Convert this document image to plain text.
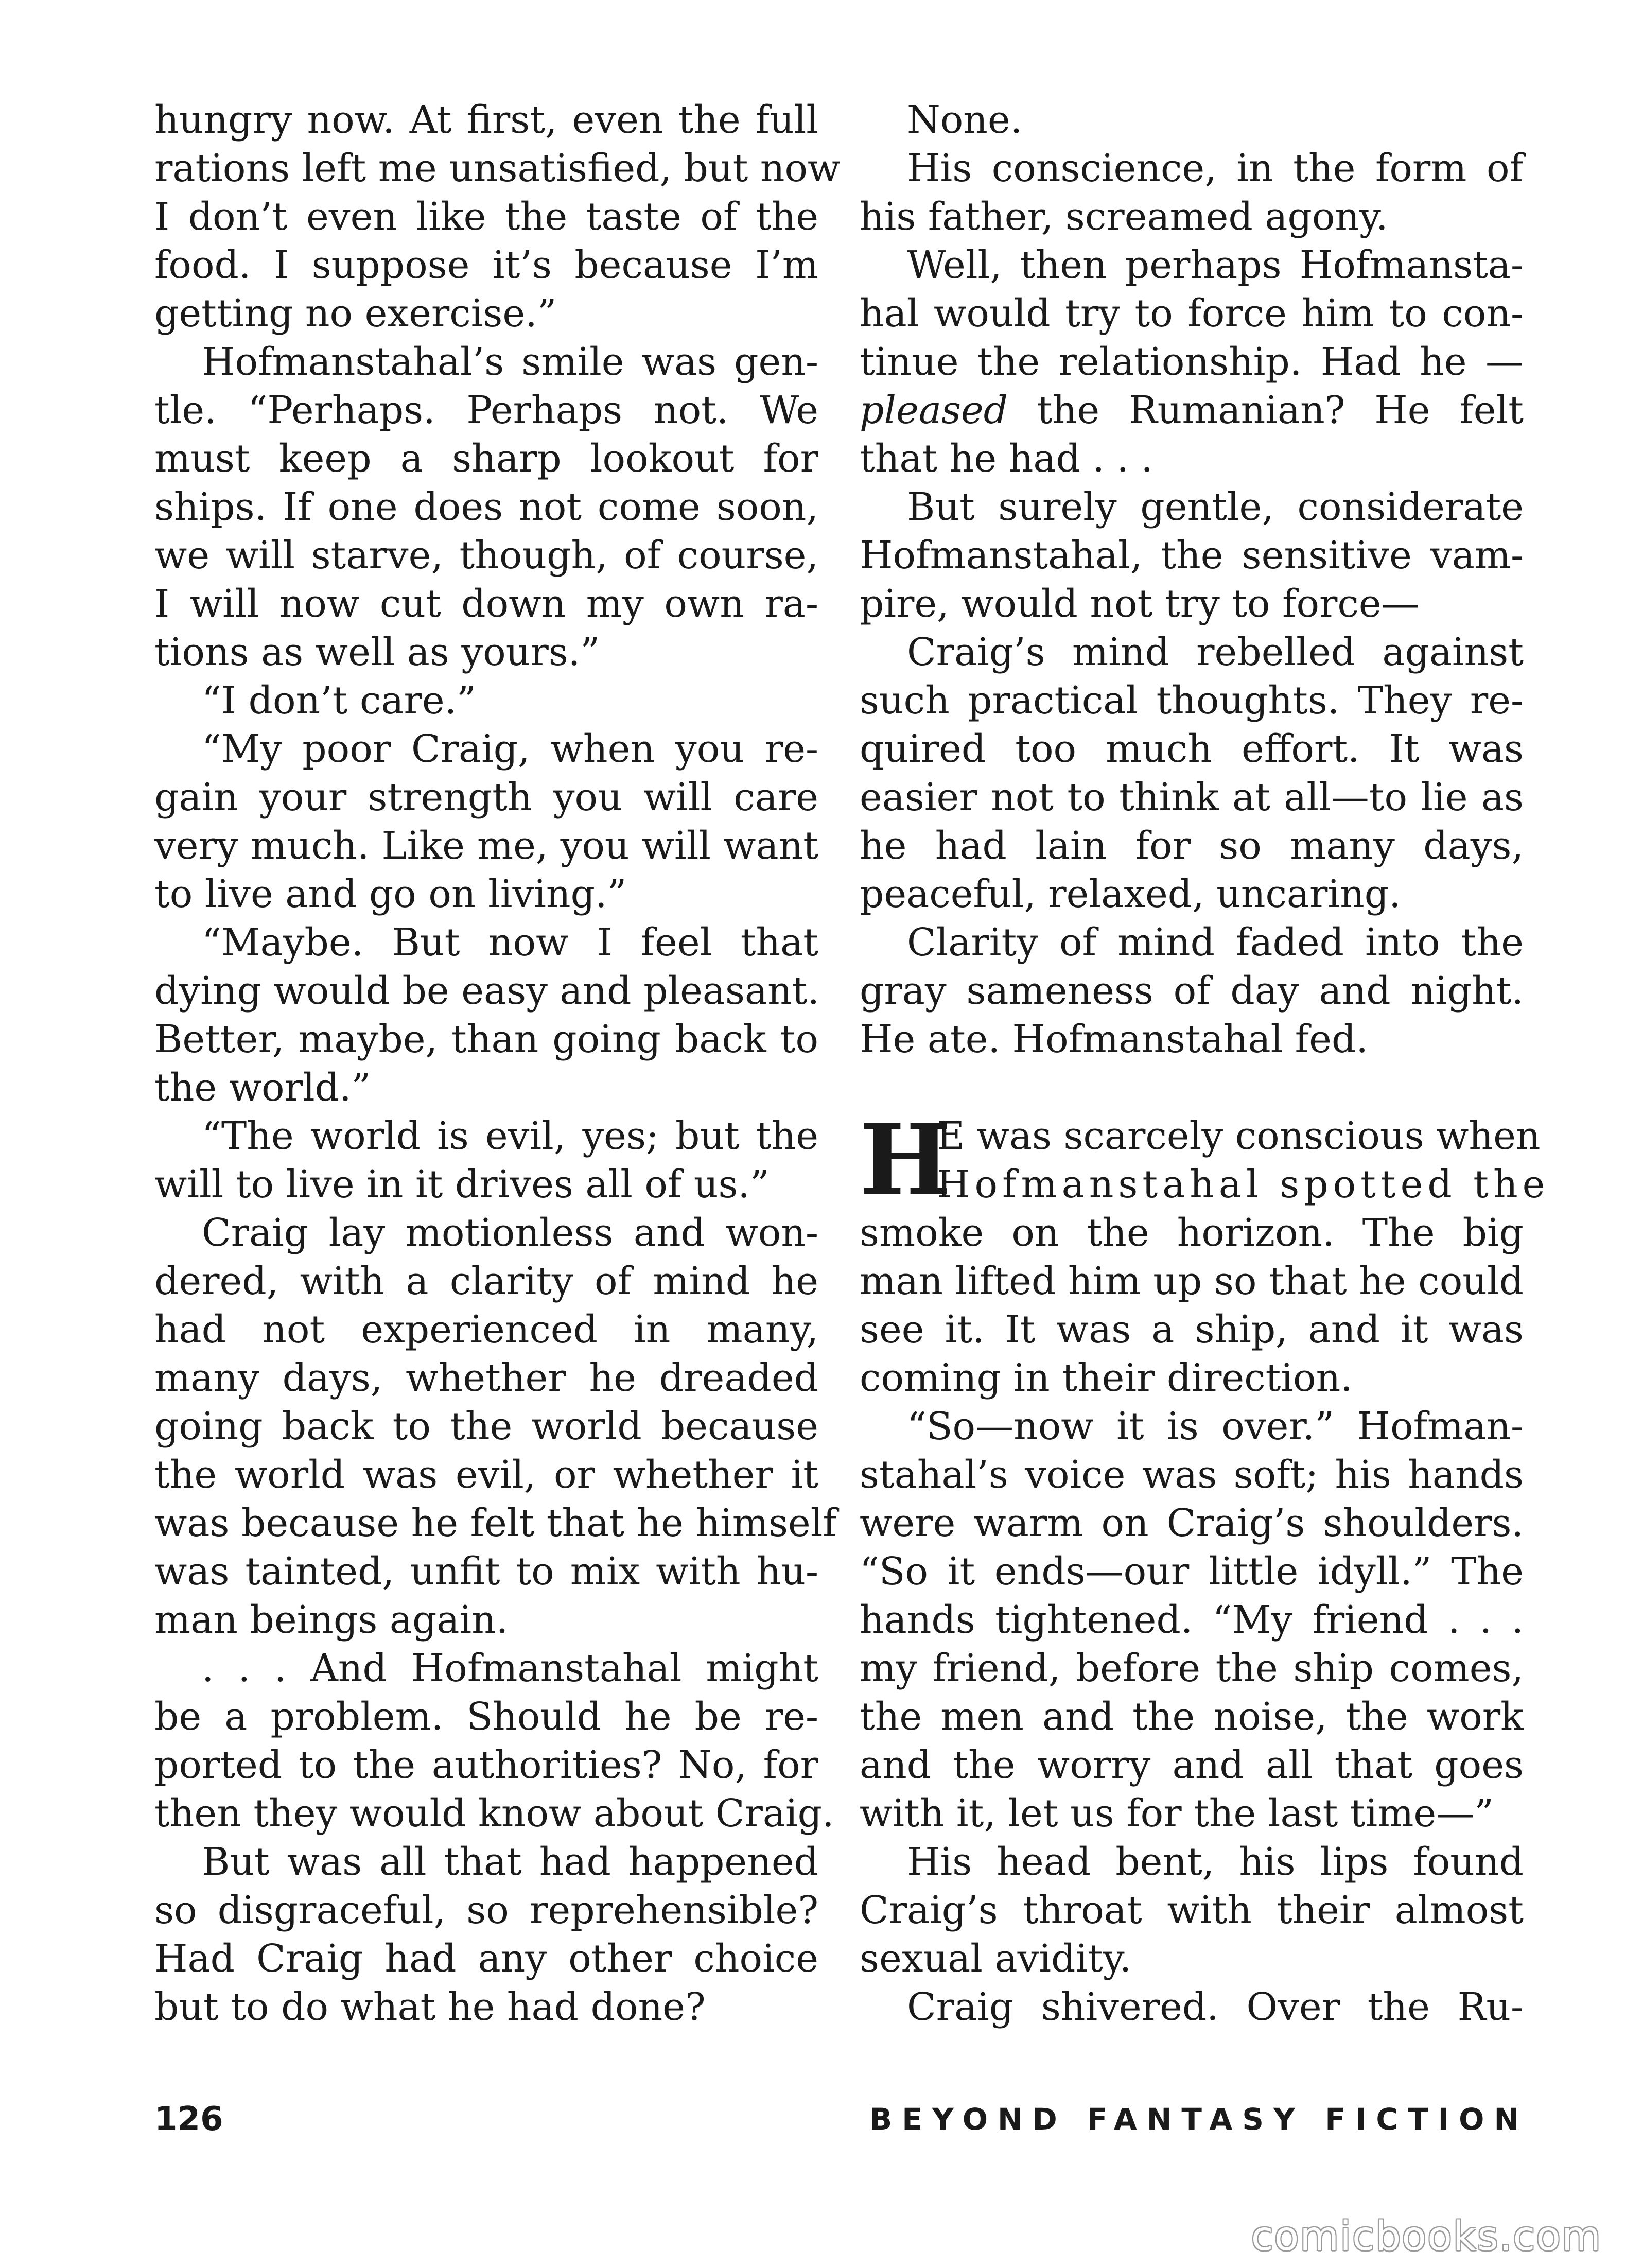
hungry now. At first, even the full
rations left me unsatisfied, but now
I don’t even like the taste of the
food. I suppose it’s because I’m
getting no exercise.”
Hofmanstahal’s smile was gen-
tle. “Perhaps. Perhaps not. We
must keep a sharp lookout for
ships. If one does not come soon,
we will starve, though, of course,
I will now cut down my own ra-
tions as well as yours.”
“I don’t care.”
“My poor Craig, when you re-
gain your strength you will care
very much. Like me, you will want
to live and go on living.”
“Maybe. But now I feel that
dying would be easy and pleasant.
Better, maybe, than going back to
the world.”
“The world is evil, yes; but the
will to live in it drives all of us.”
Craig lay motionless and won-
dered, with a clarity of mind he
had not experienced in many,
many days, whether he dreaded
going back to the world because
the world was evil, or whether it
was because he felt that he himself
was tainted, unfit to mix with hu-
man beings again.
. . . And Hofmanstahal might
be a problem. Should he be re-
ported to the authorities? No, for
then they would know about Craig.
But was all that had happened
so disgraceful, so reprehensible?
Had Craig had any other choice
but to do what he had done?
None.
His conscience, in the form of
his father, screamed agony.
Well, then perhaps Hofmansta-
hal would try to force him to con-
tinue the relationship. Had he —
pleased the Rumanian? He felt
that he had . . .
But surely gentle, considerate
Hofmanstahal, the sensitive vam-
pire, would not try to force—
Craig’s mind rebelled against
such practical thoughts. They re-
quired too much effort. It was
easier not to think at all—to lie as
he had lain for so many days,
peaceful, relaxed, uncaring.
Clarity of mind faded into the
gray sameness of day and night.
He ate. Hofmanstahal fed.
H
E was scarcely conscious when
Hofmanstahal spotted the
smoke on the horizon. The big
man lifted him up so that he could
see it. It was a ship, and it was
coming in their direction.
“So—now it is over.” Hofman-
stahal’s voice was soft; his hands
were warm on Craig’s shoulders.
“So it ends—our little idyll.” The
hands tightened. “My friend . . .
my friend, before the ship comes,
the men and the noise, the work
and the worry and all that goes
with it, let us for the last time—”
His head bent, his lips found
Craig’s throat with their almost
sexual avidity.
Craig shivered. Over the Ru-
126	BEYOND FANTASY FICTION
comicbooks.com
